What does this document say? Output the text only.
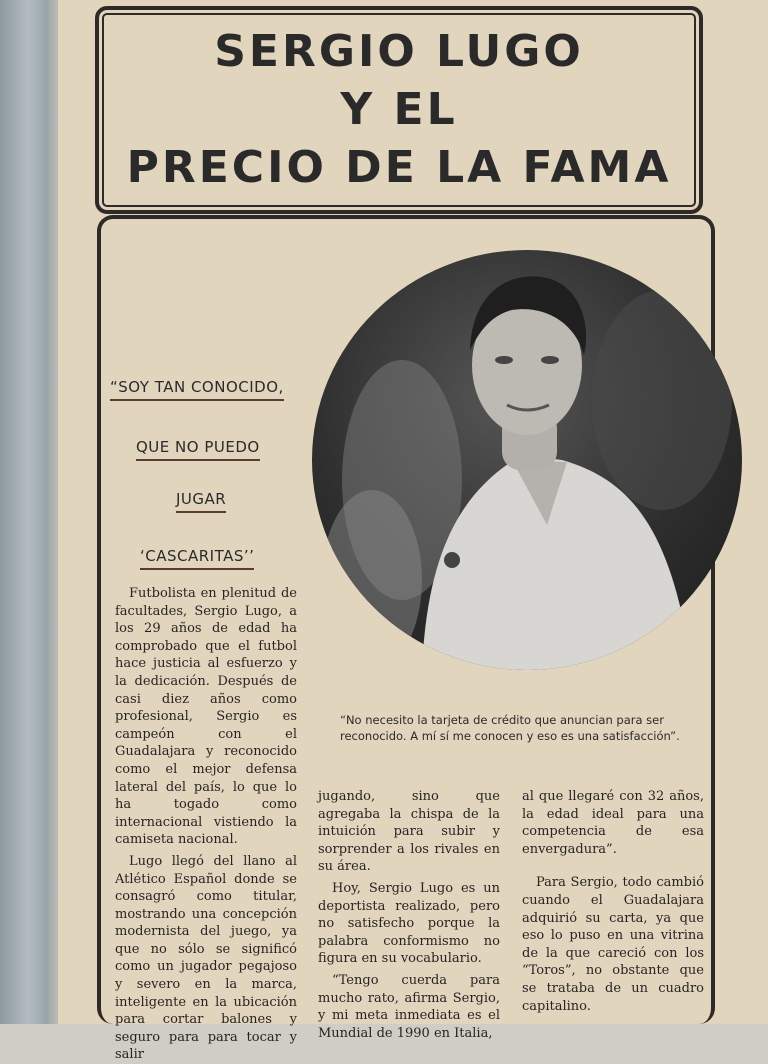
SERGIO LUGO
Y EL
PRECIO DE LA FAMA
“SOY TAN CONOCIDO,
QUE NO PUEDO
JUGAR
‘CASCARITAS’’
“No necesito la tarjeta de crédito que anuncian para ser reconocido. A mí sí me conocen y eso es una satisfacción”.

Futbolista en plenitud de facultades, Sergio Lugo, a los 29 años de edad ha comprobado que el futbol hace justicia al esfuerzo y la dedicación. Después de casi diez años como profesional, Sergio es campeón con el Guadalajara y reconocido como el mejor defensa lateral del país, lo que lo ha togado como internacional vistiendo la camiseta nacional.

Lugo llegó del llano al Atlético Español donde se consagró como titular, mostrando una concepción modernista del juego, ya que no sólo se significó como un jugador pegajoso y severo en la marca, inteligente en la ubicación para cortar balones y seguro para para tocar y salir

jugando, sino que agregaba la chispa de la intuición para subir y sorprender a los rivales en su área.

Hoy, Sergio Lugo es un deportista realizado, pero no satisfecho porque la palabra conformismo no figura en su vocabulario.

“Tengo cuerda para mucho rato, afirma Sergio, y mi meta inmediata es el Mundial de 1990 en Italia,

al que llegaré con 32 años, la edad ideal para una competencia de esa envergadura”.

Para Sergio, todo cambió cuando el Guadalajara adquirió su carta, ya que eso lo puso en una vitrina de la que careció con los “Toros”, no obstante que se trataba de un cuadro capitalino.
